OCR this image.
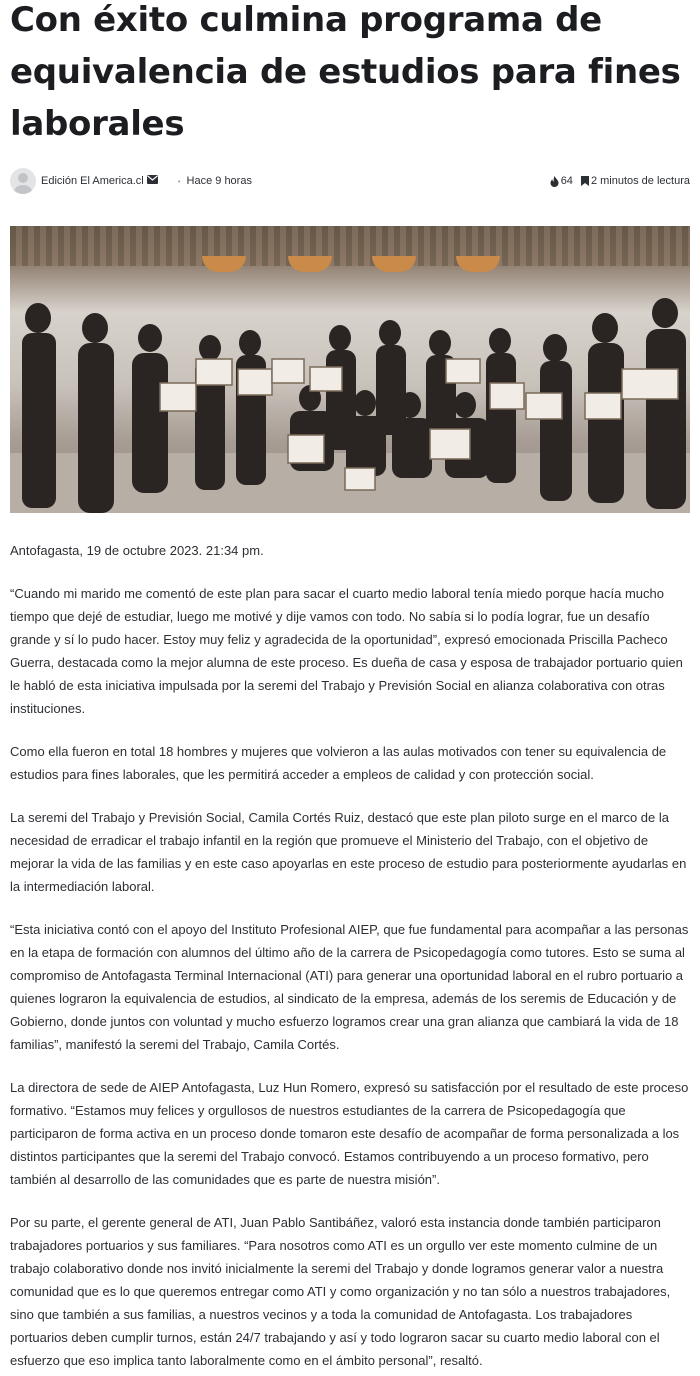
Con éxito culmina programa de equivalencia de estudios para fines laborales
Edición El America.cl	• Hace 9 horas	64 2 minutos de lectura

Antofagasta, 19 de octubre 2023. 21:34 pm.

“Cuando mi marido me comentó de este plan para sacar el cuarto medio laboral tenía miedo porque hacía mucho tiempo que dejé de estudiar, luego me motivé y dije vamos con todo. No sabía si lo podía lograr, fue un desafío grande y sí lo pudo hacer. Estoy muy feliz y agradecida de la oportunidad”, expresó emocionada Priscilla Pacheco Guerra, destacada como la mejor alumna de este proceso. Es dueña de casa y esposa de trabajador portuario quien le habló de esta iniciativa impulsada por la seremi del Trabajo y Previsión Social en alianza colaborativa con otras instituciones.

Como ella fueron en total 18 hombres y mujeres que volvieron a las aulas motivados con tener su equivalencia de estudios para fines laborales, que les permitirá acceder a empleos de calidad y con protección social.

La seremi del Trabajo y Previsión Social, Camila Cortés Ruiz, destacó que este plan piloto surge en el marco de la necesidad de erradicar el trabajo infantil en la región que promueve el Ministerio del Trabajo, con el objetivo de mejorar la vida de las familias y en este caso apoyarlas en este proceso de estudio para posteriormente ayudarlas en la intermediación laboral.

“Esta iniciativa contó con el apoyo del Instituto Profesional AIEP, que fue fundamental para acompañar a las personas en la etapa de formación con alumnos del último año de la carrera de Psicopedagogía como tutores. Esto se suma al compromiso de Antofagasta Terminal Internacional (ATI) para generar una oportunidad laboral en el rubro portuario a quienes lograron la equivalencia de estudios, al sindicato de la empresa, además de los seremis de Educación y de Gobierno, donde juntos con voluntad y mucho esfuerzo logramos crear una gran alianza que cambiará la vida de 18 familias”, manifestó la seremi del Trabajo, Camila Cortés.

La directora de sede de AIEP Antofagasta, Luz Hun Romero, expresó su satisfacción por el resultado de este proceso formativo. “Estamos muy felices y orgullosos de nuestros estudiantes de la carrera de Psicopedagogía que participaron de forma activa en un proceso donde tomaron este desafío de acompañar de forma personalizada a los distintos participantes que la seremi del Trabajo convocó. Estamos contribuyendo a un proceso formativo, pero también al desarrollo de las comunidades que es parte de nuestra misión”.

Por su parte, el gerente general de ATI, Juan Pablo Santibáñez, valoró esta instancia donde también participaron trabajadores portuarios y sus familiares. “Para nosotros como ATI es un orgullo ver este momento culmine de un trabajo colaborativo donde nos invitó inicialmente la seremi del Trabajo y donde logramos generar valor a nuestra comunidad que es lo que queremos entregar como ATI y como organización y no tan sólo a nuestros trabajadores, sino que también a sus familias, a nuestros vecinos y a toda la comunidad de Antofagasta. Los trabajadores portuarios deben cumplir turnos, están 24/7 trabajando y así y todo lograron sacar su cuarto medio laboral con el esfuerzo que eso implica tanto laboralmente como en el ámbito personal”, resaltó.
